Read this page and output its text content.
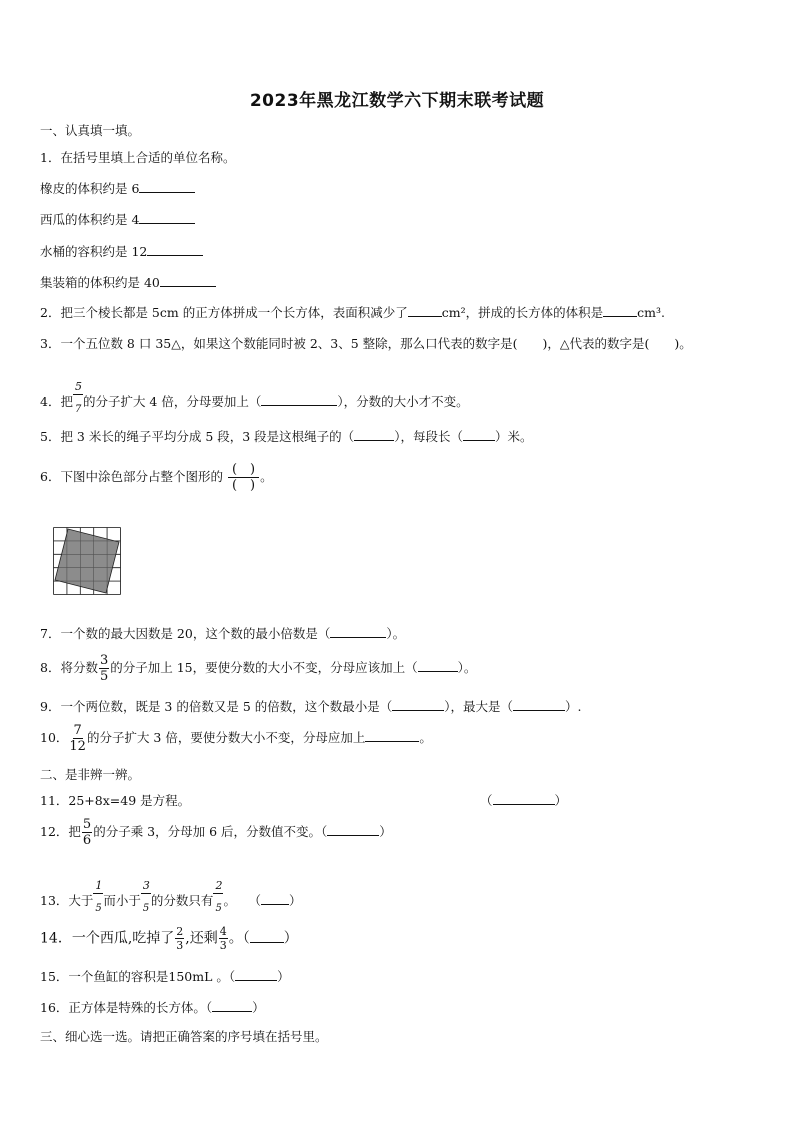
2023年黑龙江数学六下期末联考试题
一、认真填一填。
1．在括号里填上合适的单位名称。
橡皮的体积约是 6
西瓜的体积约是 4
水桶的容积约是 12
集装箱的体积约是 40
2．把三个棱长都是 5cm 的正方体拼成一个长方体，表面积减少了	cm²，拼成的长方体的体积是	cm³.
3．一个五位数 8 口 35△，如果这个数能同时被 2、3、5 整除，那么口代表的数字是(　　)，△代表的数字是(　　)。
4．把
$\frac{5}{7}$
的分子扩大 4 倍，分母要加上（	），分数的大小才不变。
5．把 3 米长的绳子平均分成 5 段，3 段是这根绳子的（	），每段长（	）米。
6．下图中涂色部分占整个图形的 $\frac{( )}{( )}$ 。
7．一个数的最大因数是 20，这个数的最小倍数是（	）。
8．将分数 $\frac{3}{5}$ 的分子加上 15，要使分数的大小不变，分母应该加上（	）。
9．一个两位数，既是 3 的倍数又是 5 的倍数，这个数最小是（	），最大是（	）.
10． $\frac{7}{12}$ 的分子扩大 3 倍，要使分数大小不变，分母应加上	。
二、是非辨一辨。
11．25+8x=49 是方程。	（	）
12．把 $\frac{5}{6}$ 的分子乘 3，分母加 6 后，分数值不变。（	）
13．大于
$\frac{1}{5}$
而小于
$\frac{3}{5}$
的分数只有
$\frac{2}{5}$
。　　（ ）
14．一个西瓜,吃掉了 $\frac{2}{3}$ ,还剩 $\frac{4}{3}$ 。（ ）
15．一个鱼缸的容积是150mL 。（	）
16．正方体是特殊的长方体。（	）
三、细心选一选。请把正确答案的序号填在括号里。
